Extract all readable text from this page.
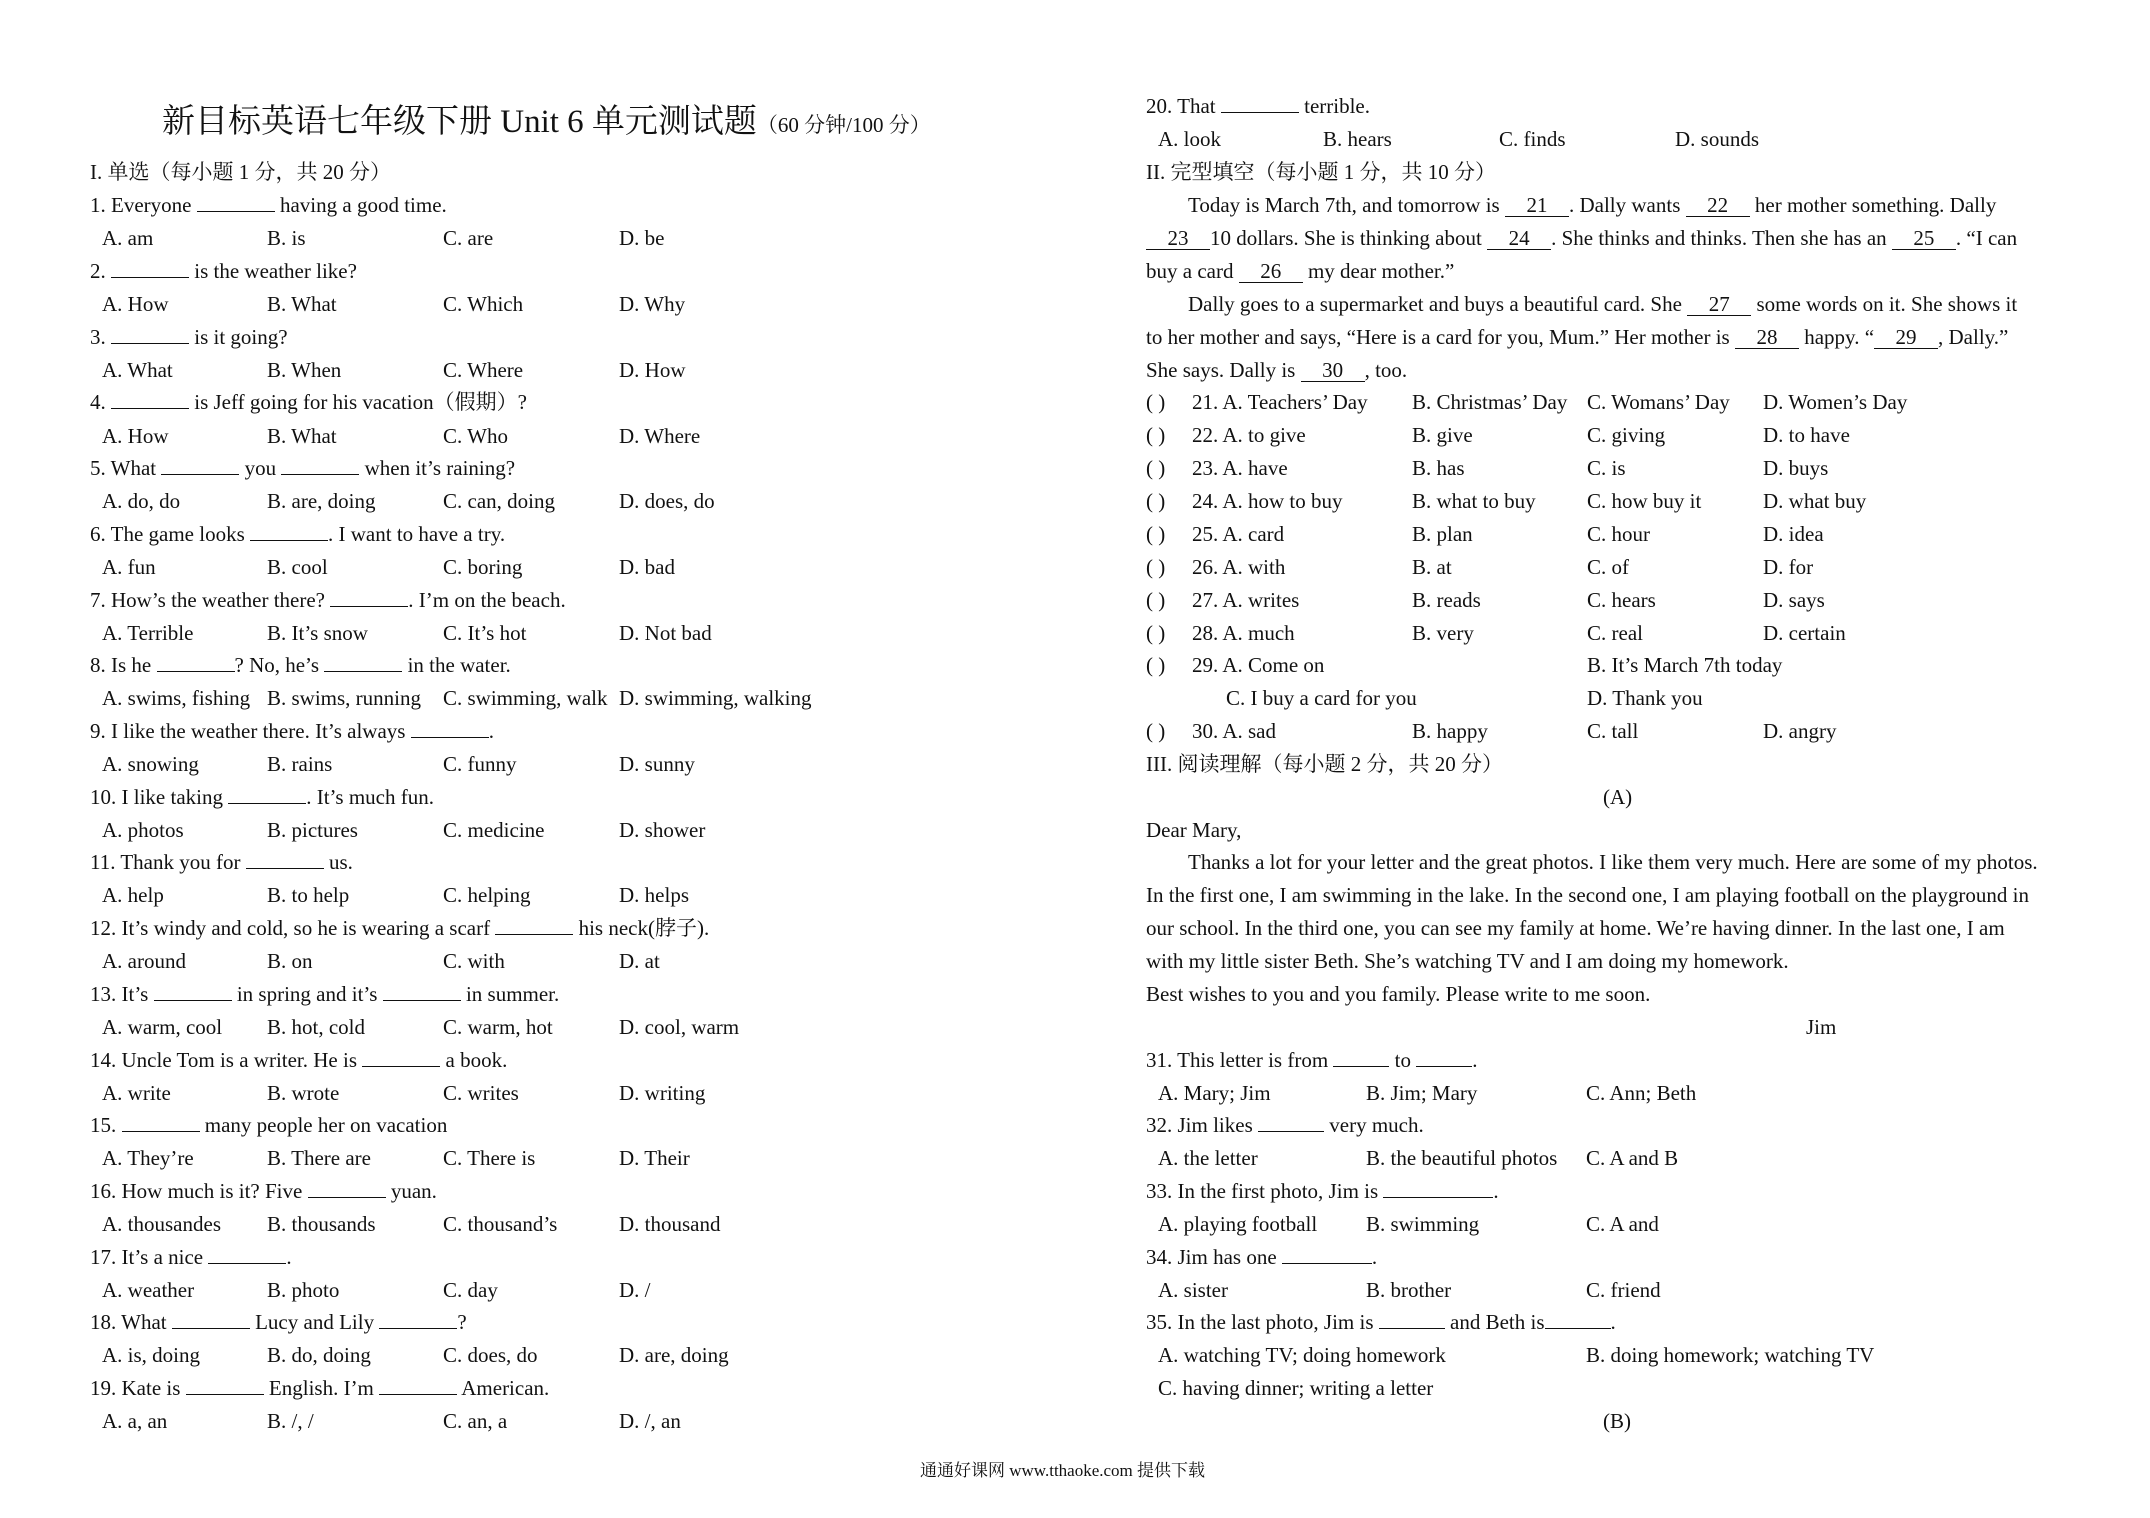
新目标英语七年级下册 Unit 6 单元测试题（60 分钟/100 分）
I. 单选（每小题 1 分，共 20 分）
1. Everyone	having a good time.
A. am	B. is	C. are	D. be
2.	is the weather like?
A. How	B. What	C. Which	D. Why
3.	is it going?
A. What	B. When	C. Where	D. How
4.	is Jeff going for his vacation（假期）?
A. How	B. What	C. Who	D. Where
5. What	you	when it’s raining?
A. do, do	B. are, doing	C. can, doing	D. does, do
6. The game looks	. I want to have a try.
A. fun	B. cool	C. boring	D. bad
7. How’s the weather there?	. I’m on the beach.
A. Terrible	B. It’s snow	C. It’s hot	D. Not bad
8. Is he	? No, he’s	in the water.
A. swims, fishing B. swims, running C. swimming, walk D. swimming, walking
9. I like the weather there. It’s always	.
A. snowing	B. rains	C. funny	D. sunny
10. I like taking	. It’s much fun.
A. photos	B. pictures	C. medicine	D. shower
11. Thank you for	us.
A. help	B. to help	C. helping	D. helps
12. It’s windy and cold, so he is wearing a scarf	his neck(脖子).
A. around	B. on	C. with	D. at
13. It’s	in spring and it’s	in summer.
A. warm, cool B. hot, cold	C. warm, hot	D. cool, warm
14. Uncle Tom is a writer. He is	a book.
A. write	B. wrote	C. writes	D. writing
15.	many people her on vacation
A. They’re	B. There are	C. There is	D. Their
16. How much is it? Five	yuan.
A. thousandes B. thousands	C. thousand’s	D. thousand
17. It’s a nice	.
A. weather	B. photo	C. day	D. /
18. What	Lucy and Lily	?
A. is, doing	B. do, doing	C. does, do	D. are, doing
19. Kate is	English. I’m	American.
A. a, an	B. /, /	C. an, a	D. /, an
20. That	terrible.
A. look	B. hears	C. finds	D. sounds
II. 完型填空（每小题 1 分，共 10 分）
Today is March 7th, and tomorrow is 21 . Dally wants 22 her mother something. Dally
23 10 dollars. She is thinking about 24 . She thinks and thinks. Then she has an 25 . “I can
buy a card 26 my dear mother.”
Dally goes to a supermarket and buys a beautiful card. She 27 some words on it. She shows it
to her mother and says, “Here is a card for you, Mum.” Her mother is 28 happy. “ 29 , Dally.”
She says. Dally is 30 , too.
( ) 21. A. Teachers’ Day B. Christmas’ Day C. Womans’ Day D. Women’s Day
( ) 22. A. to give	B. give	C. giving	D. to have
( ) 23. A. have	B. has	C. is	D. buys
( ) 24. A. how to buy	B. what to buy C. how buy it	D. what buy
( ) 25. A. card	B. plan	C. hour	D. idea
( ) 26. A. with	B. at	C. of	D. for
( ) 27. A. writes	B. reads	C. hears	D. says
( ) 28. A. much	B. very	C. real	D. certain
( ) 29. A. Come on	B. It’s March 7th today
C. I buy a card for you	D. Thank you
( ) 30. A. sad	B. happy	C. tall	D. angry
III. 阅读理解（每小题 2 分，共 20 分）
(A)
Dear Mary,
Thanks a lot for your letter and the great photos. I like them very much. Here are some of my photos.
In the first one, I am swimming in the lake. In the second one, I am playing football on the playground in
our school. In the third one, you can see my family at home. We’re having dinner. In the last one, I am
with my little sister Beth. She’s watching TV and I am doing my homework.
Best wishes to you and you family. Please write to me soon.
Jim
31. This letter is from	to	.
A. Mary; Jim	B. Jim; Mary	C. Ann; Beth
32. Jim likes	very much.
A. the letter	B. the beautiful photos C. A and B
33. In the first photo, Jim is	.
A. playing football B. swimming	C. A and
34. Jim has one	.
A. sister	B. brother	C. friend
35. In the last photo, Jim is	and Beth is	.
A. watching TV; doing homework	B. doing homework; watching TV
C. having dinner; writing a letter
(B)
通通好课网 www.tthaoke.com 提供下载
